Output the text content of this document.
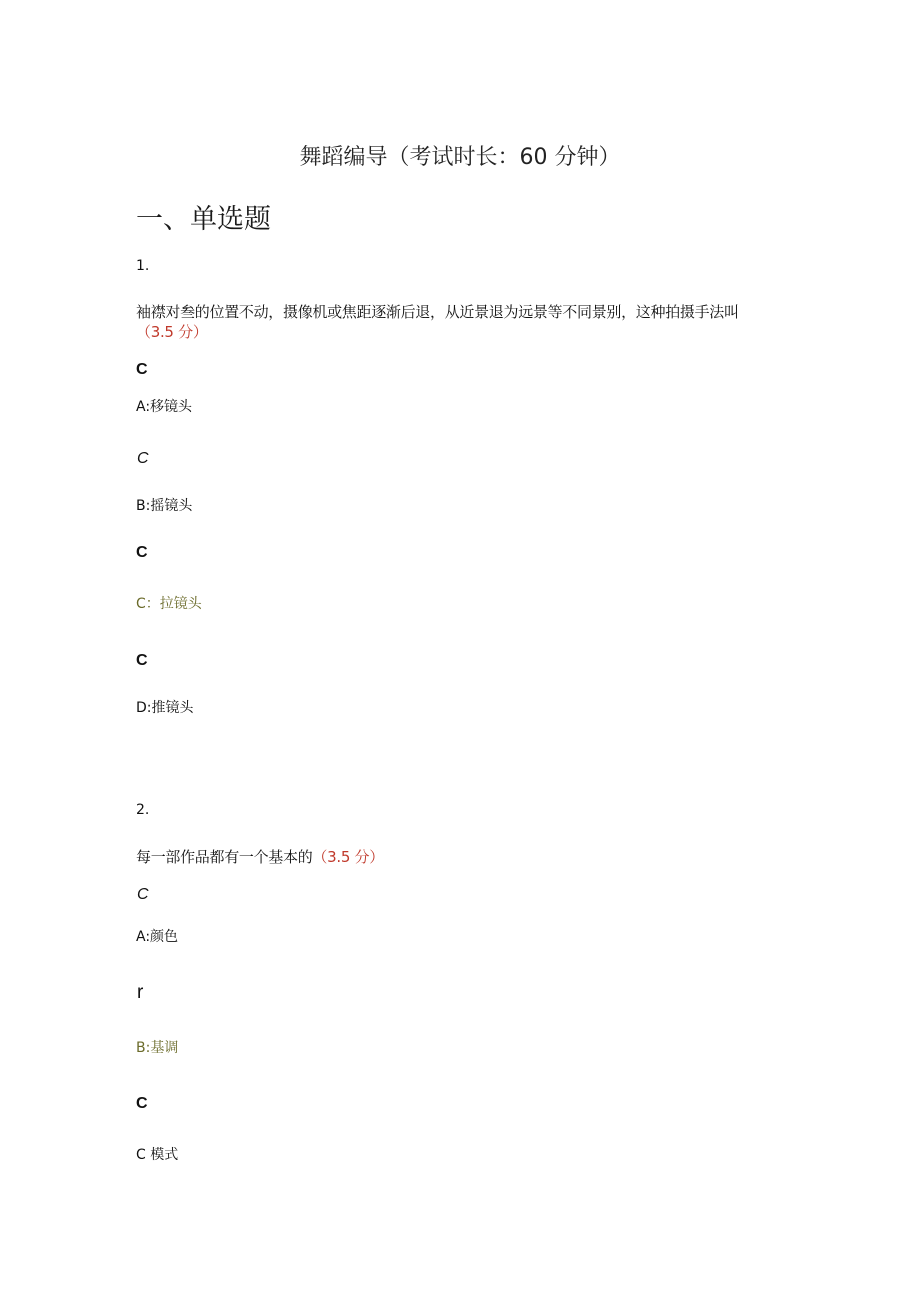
舞蹈编导（考试时长：60 分钟）
一、单选题
1.
袖襟对叁的位置不动，摄像机或焦距逐渐后退，从近景退为远景等不同景别，这种拍摄手法叫
（3.5 分）
C
A:移镜头
C
B:摇镜头
C
C：拉镜头
C
D:推镜头
2.
每一部作品都有一个基本的（3.5 分）
C
A:颜色
r
B:基调
C
C 模式
